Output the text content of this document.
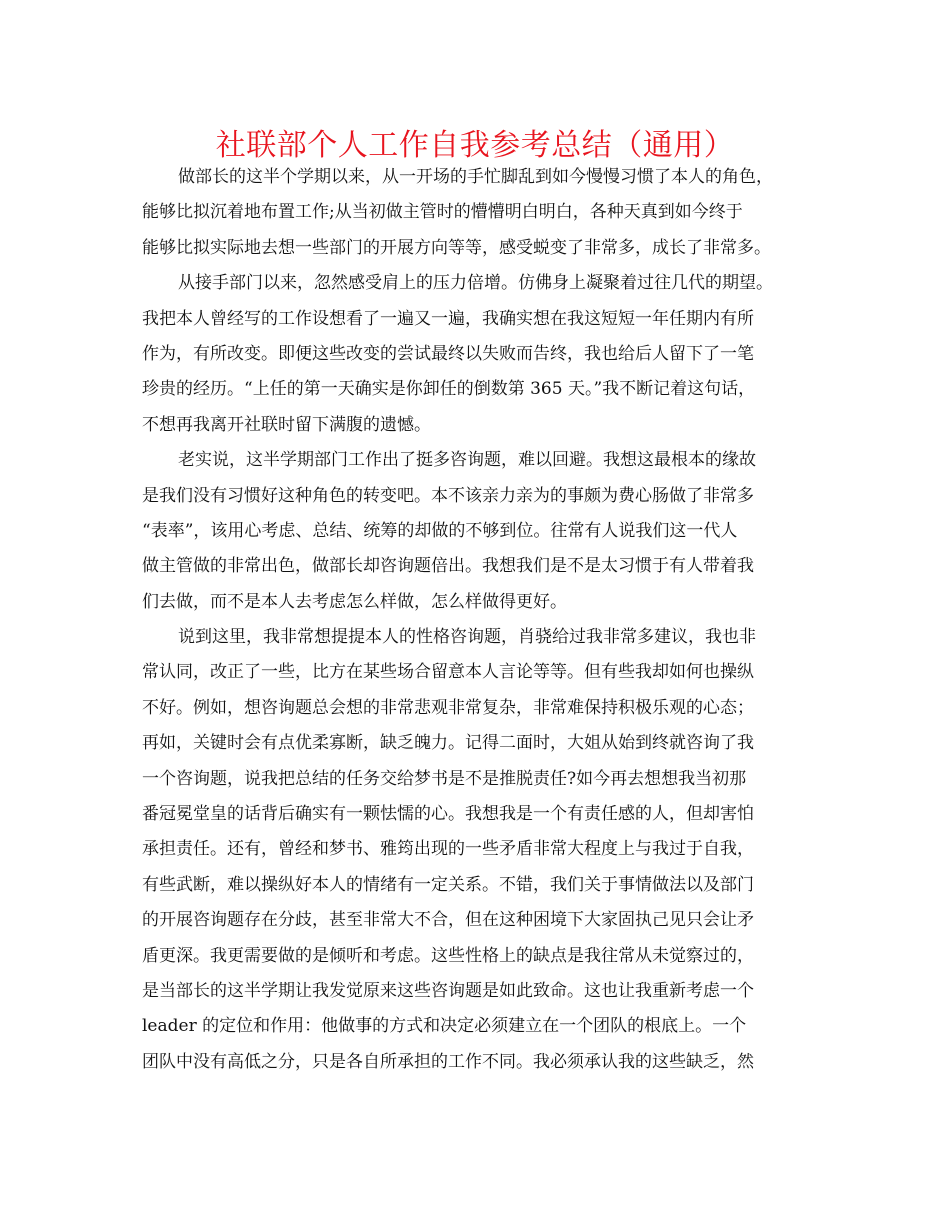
社联部个人工作自我参考总结（通用）
做部长的这半个学期以来，从一开场的手忙脚乱到如今慢慢习惯了本人的角色，
能够比拟沉着地布置工作;从当初做主管时的懵懵明白明白，各种天真到如今终于
能够比拟实际地去想一些部门的开展方向等等，感受蜕变了非常多，成长了非常多。
从接手部门以来，忽然感受肩上的压力倍增。仿佛身上凝聚着过往几代的期望。
我把本人曾经写的工作设想看了一遍又一遍，我确实想在我这短短一年任期内有所
作为，有所改变。即便这些改变的尝试最终以失败而告终，我也给后人留下了一笔
珍贵的经历。“上任的第一天确实是你卸任的倒数第 365 天。”我不断记着这句话，
不想再我离开社联时留下满腹的遗憾。
老实说，这半学期部门工作出了挺多咨询题，难以回避。我想这最根本的缘故
是我们没有习惯好这种角色的转变吧。本不该亲力亲为的事颇为费心肠做了非常多
“表率”，该用心考虑、总结、统筹的却做的不够到位。往常有人说我们这一代人
做主管做的非常出色，做部长却咨询题倍出。我想我们是不是太习惯于有人带着我
们去做，而不是本人去考虑怎么样做，怎么样做得更好。
说到这里，我非常想提提本人的性格咨询题，肖骁给过我非常多建议，我也非
常认同，改正了一些，比方在某些场合留意本人言论等等。但有些我却如何也操纵
不好。例如，想咨询题总会想的非常悲观非常复杂，非常难保持积极乐观的心态；
再如，关键时会有点优柔寡断，缺乏魄力。记得二面时，大姐从始到终就咨询了我
一个咨询题，说我把总结的任务交给梦书是不是推脱责任?如今再去想想我当初那
番冠冕堂皇的话背后确实有一颗怯懦的心。我想我是一个有责任感的人，但却害怕
承担责任。还有，曾经和梦书、雅筠出现的一些矛盾非常大程度上与我过于自我，
有些武断，难以操纵好本人的情绪有一定关系。不错，我们关于事情做法以及部门
的开展咨询题存在分歧，甚至非常大不合，但在这种困境下大家固执己见只会让矛
盾更深。我更需要做的是倾听和考虑。这些性格上的缺点是我往常从未觉察过的，
是当部长的这半学期让我发觉原来这些咨询题是如此致命。这也让我重新考虑一个
leader 的定位和作用：他做事的方式和决定必须建立在一个团队的根底上。一个
团队中没有高低之分，只是各自所承担的工作不同。我必须承认我的这些缺乏，然
